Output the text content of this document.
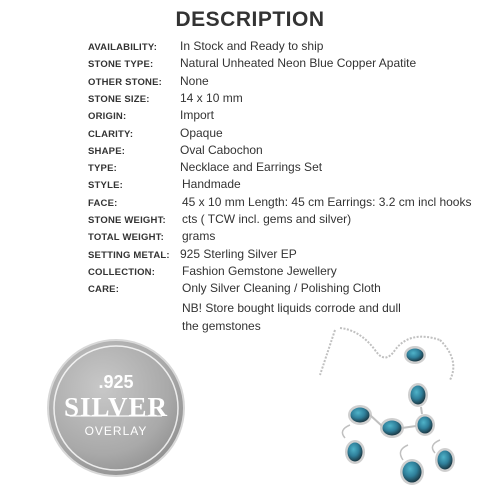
DESCRIPTION
AVAILABILITY: In Stock and Ready to ship
STONE TYPE: Natural Unheated Neon Blue Copper Apatite
OTHER STONE: None
STONE SIZE:	14 x 10 mm
ORIGIN:	Import
CLARITY:	Opaque
SHAPE:	Oval Cabochon
TYPE:	Necklace and Earrings Set
STYLE:	Handmade
FACE:	45 x 10 mm Length: 45 cm Earrings: 3.2 cm incl hooks
STONE WEIGHT: cts ( TCW incl. gems and silver)
TOTAL WEIGHT: grams
SETTING METAL: 925 Sterling Silver EP
COLLECTION: Fashion Gemstone Jewellery
CARE:	Only Silver Cleaning / Polishing Cloth
NB! Store bought liquids corrode and dull
the gemstones
.925
SILVER
OVERLAY
